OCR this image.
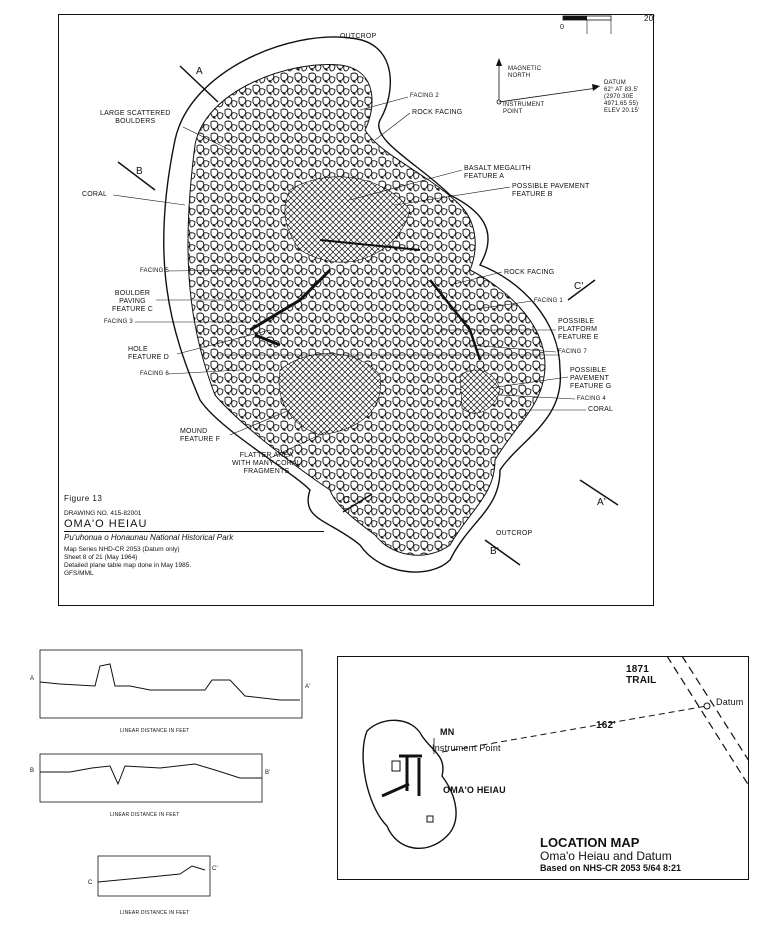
OUTCROP
OUTCROP
A
B
C'
C
B'
A'
0
20'
MAGNETIC
NORTH
INSTRUMENT
POINT
DATUM
62° AT 83.5'
(2970.30E
4971.65 55)
ELEV 20.15'
LARGE SCATTERED
BOULDERS
CORAL
FACING 2
ROCK FACING
BASALT MEGALITH
FEATURE A
POSSIBLE PAVEMENT
FEATURE B
FACING 5	ROCK FACING
BOULDER
PAVING
FEATURE C
FACING 1
FACING 3	POSSIBLE
PLATFORM
FEATURE E
HOLE
FEATURE D
FACING 7
FACING 6	POSSIBLE
PAVEMENT
FEATURE G
FACING 4
CORAL
MOUND
FEATURE F
FLATTER AREA
WITH MANY CORAL
FRAGMENTS
Figure 13
DRAWING NO. 415-82001
OMA'O HEIAU
Pu'uhonua o Honaunau National Historical Park
Map Series NHD-CR 2053 (Datum only)
Sheet 8 of 21 (May 1964)
Detailed plane table map done in May 1985.
GFS/MML
A
A'
LINEAR DISTANCE IN FEET
B	B'
LINEAR DISTANCE IN FEET
C
C'
LINEAR DISTANCE IN FEET
1871
TRAIL
Datum
MN
Instrument Point
162'
OMA'O HEIAU
LOCATION MAP
Oma'o Heiau and Datum
Based on NHS-CR 2053 5/64 8:21
